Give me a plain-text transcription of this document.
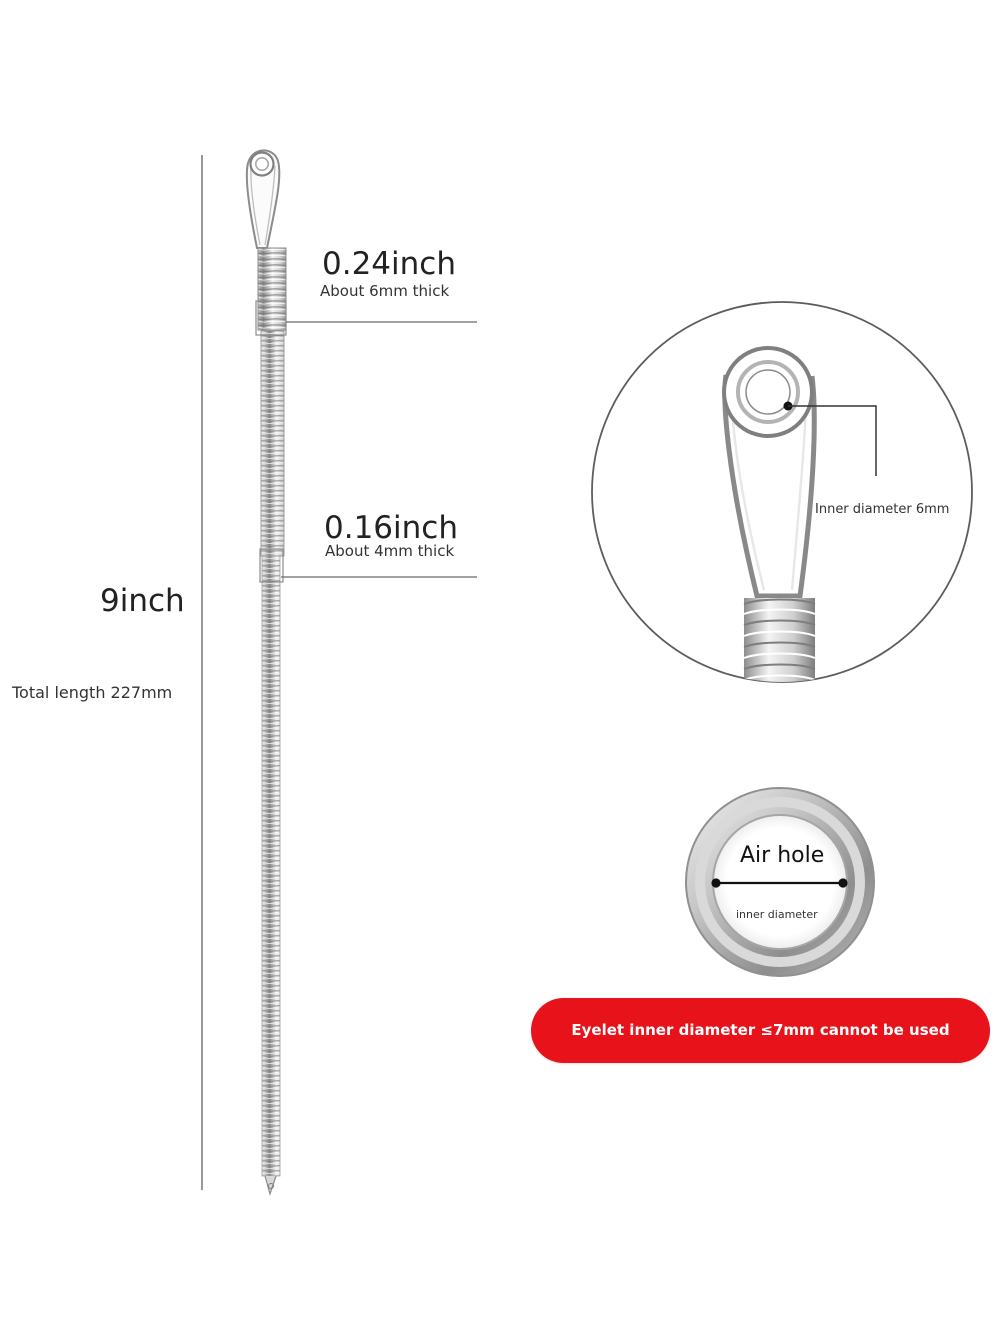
9inch
Total length 227mm
0.24inch
About 6mm thick
0.16inch
About 4mm thick
Inner diameter 6mm
Air hole
inner diameter
Eyelet inner diameter ≤7mm cannot be used
